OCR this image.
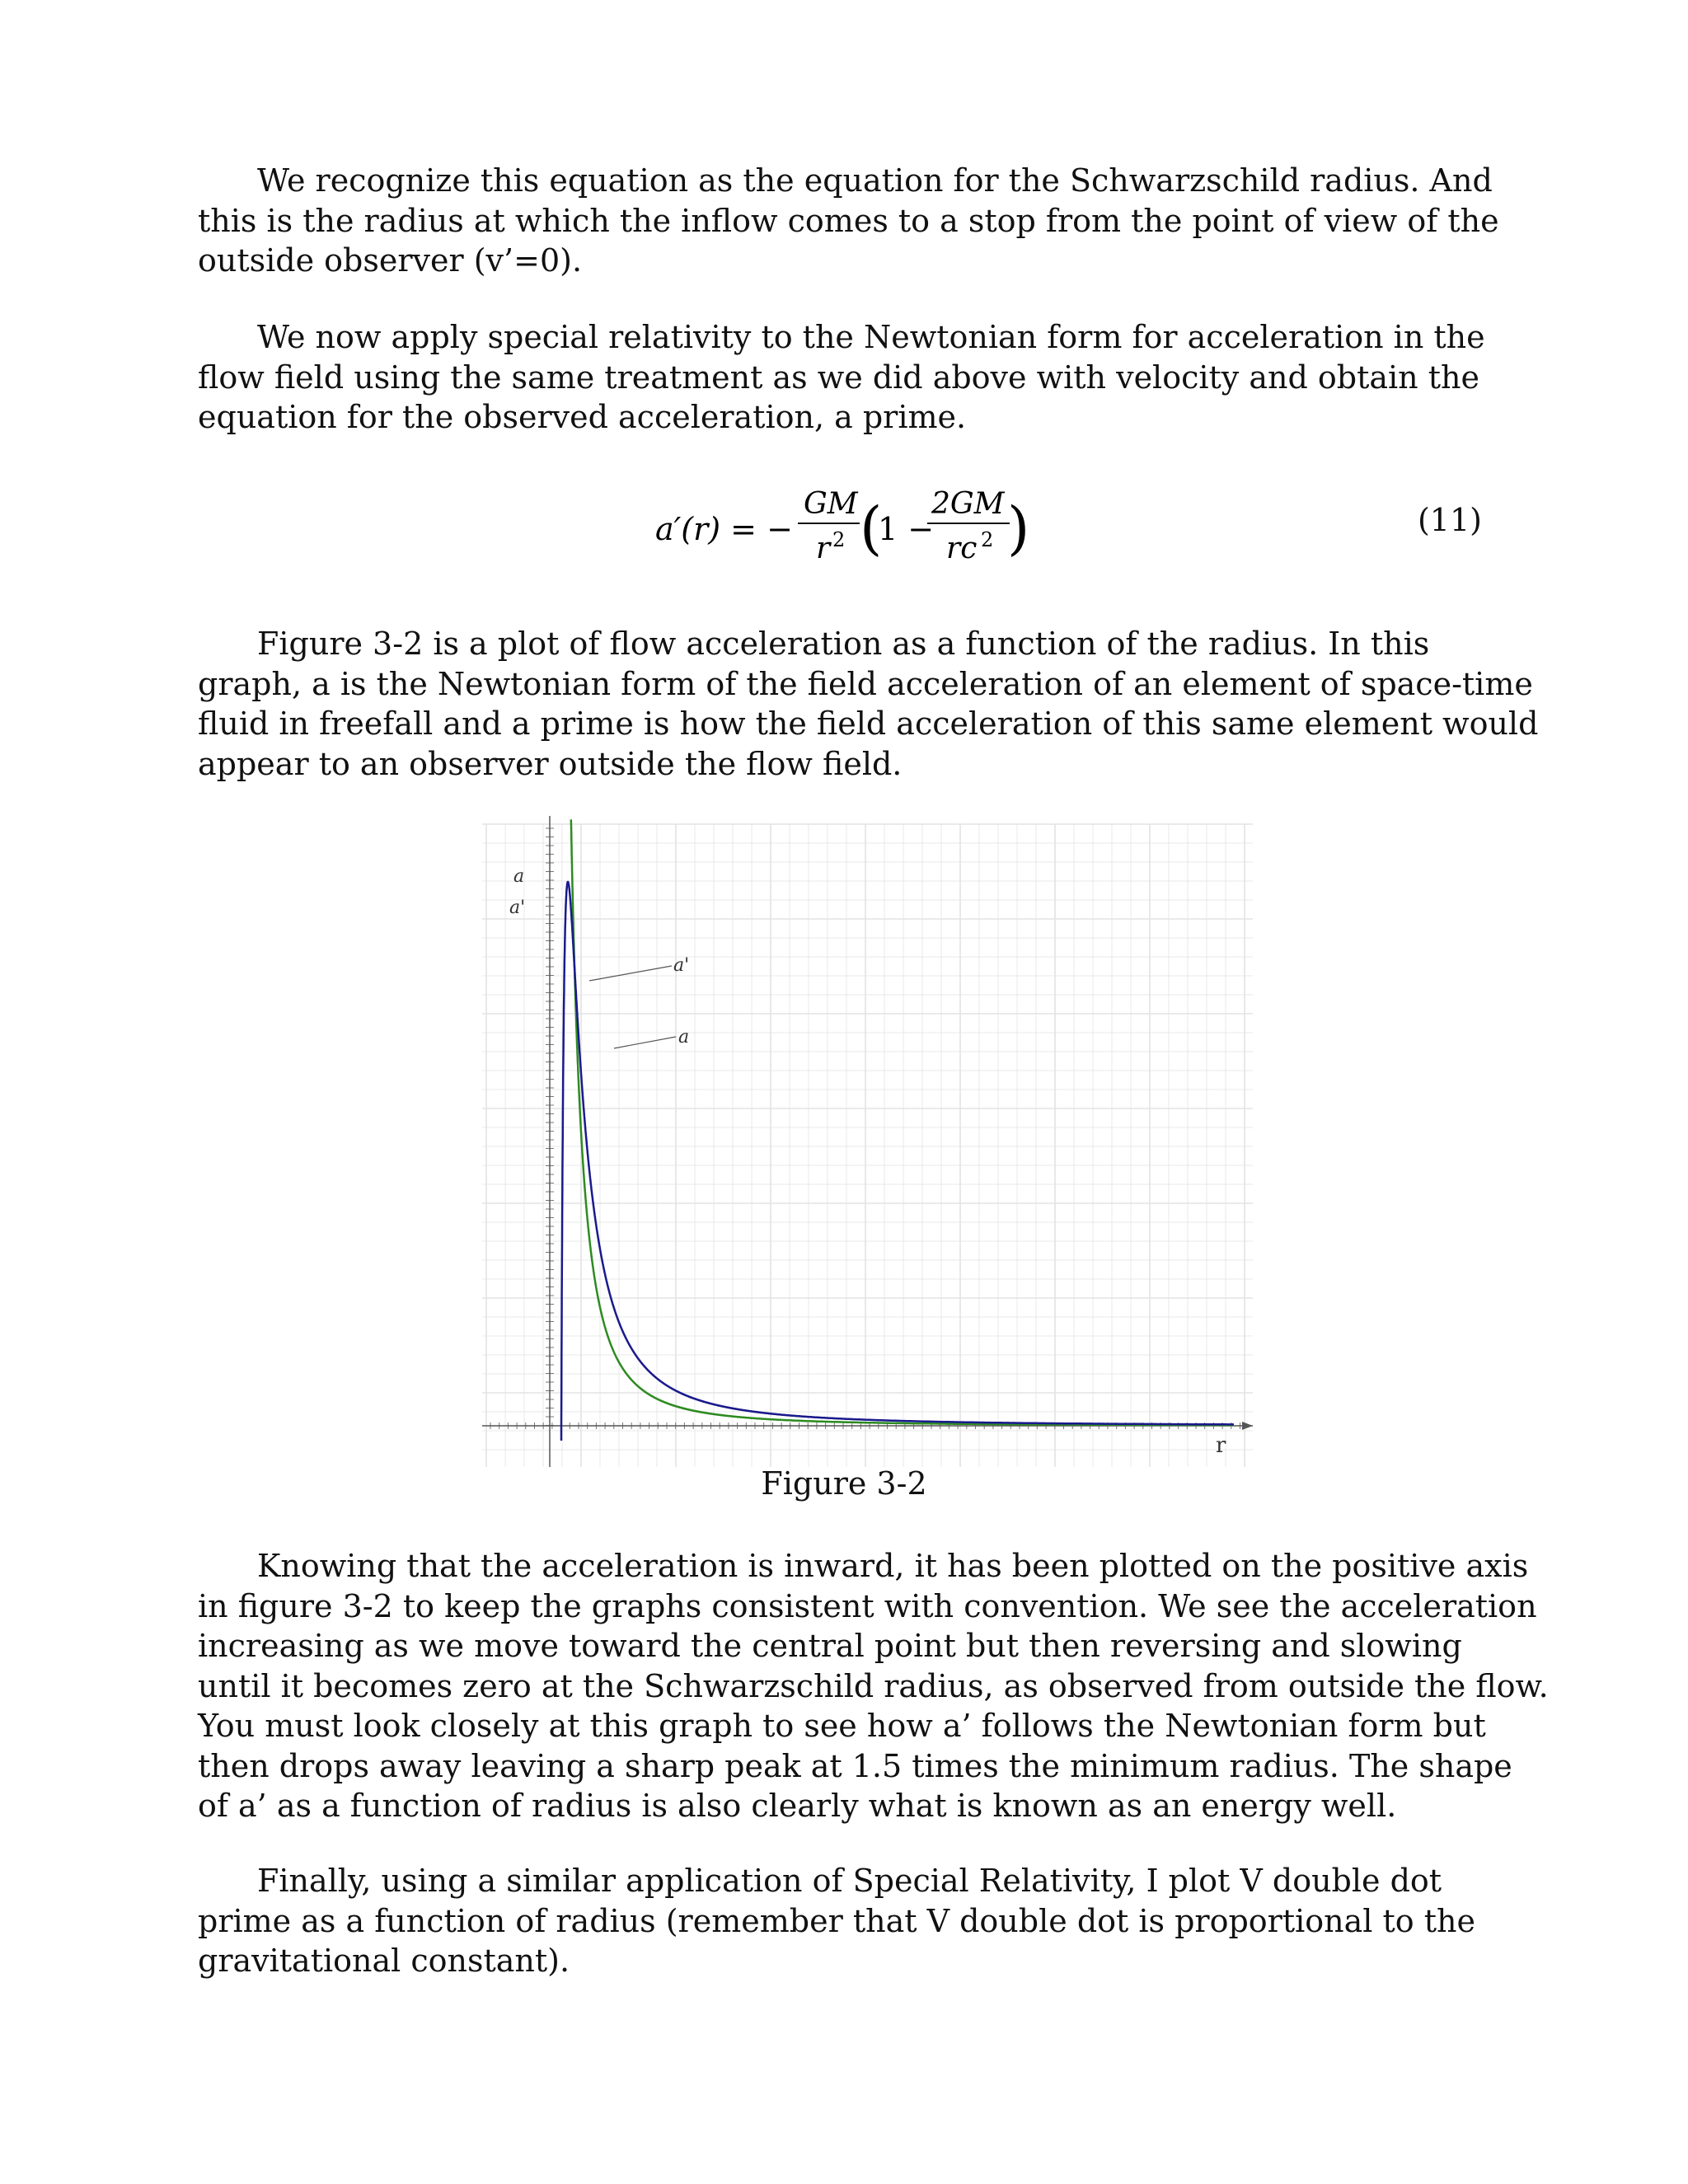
We recognize this equation as the equation for the Schwarzschild radius. And
this is the radius at which the inflow comes to a stop from the point of view of the
outside observer (v’=0).

We now apply special relativity to the Newtonian form for acceleration in the
flow field using the same treatment as we did above with velocity and obtain the
equation for the observed acceleration, a prime.

a′(r) = −
GM
r 2 (
1 −
2GM
rc 2 )	(11)

Figure 3-2 is a plot of flow acceleration as a function of the radius. In this
graph, a is the Newtonian form of the field acceleration of an element of space-time
fluid in freefall and a prime is how the field acceleration of this same element would
appear to an observer outside the flow field.

a'
a
a
a'
r
Figure 3-2

Knowing that the acceleration is inward, it has been plotted on the positive axis
in figure 3-2 to keep the graphs consistent with convention. We see the acceleration
increasing as we move toward the central point but then reversing and slowing
until it becomes zero at the Schwarzschild radius, as observed from outside the flow.
You must look closely at this graph to see how a’ follows the Newtonian form but
then drops away leaving a sharp peak at 1.5 times the minimum radius. The shape
of a’ as a function of radius is also clearly what is known as an energy well.

Finally, using a similar application of Special Relativity, I plot V double dot
prime as a function of radius (remember that V double dot is proportional to the
gravitational constant).
